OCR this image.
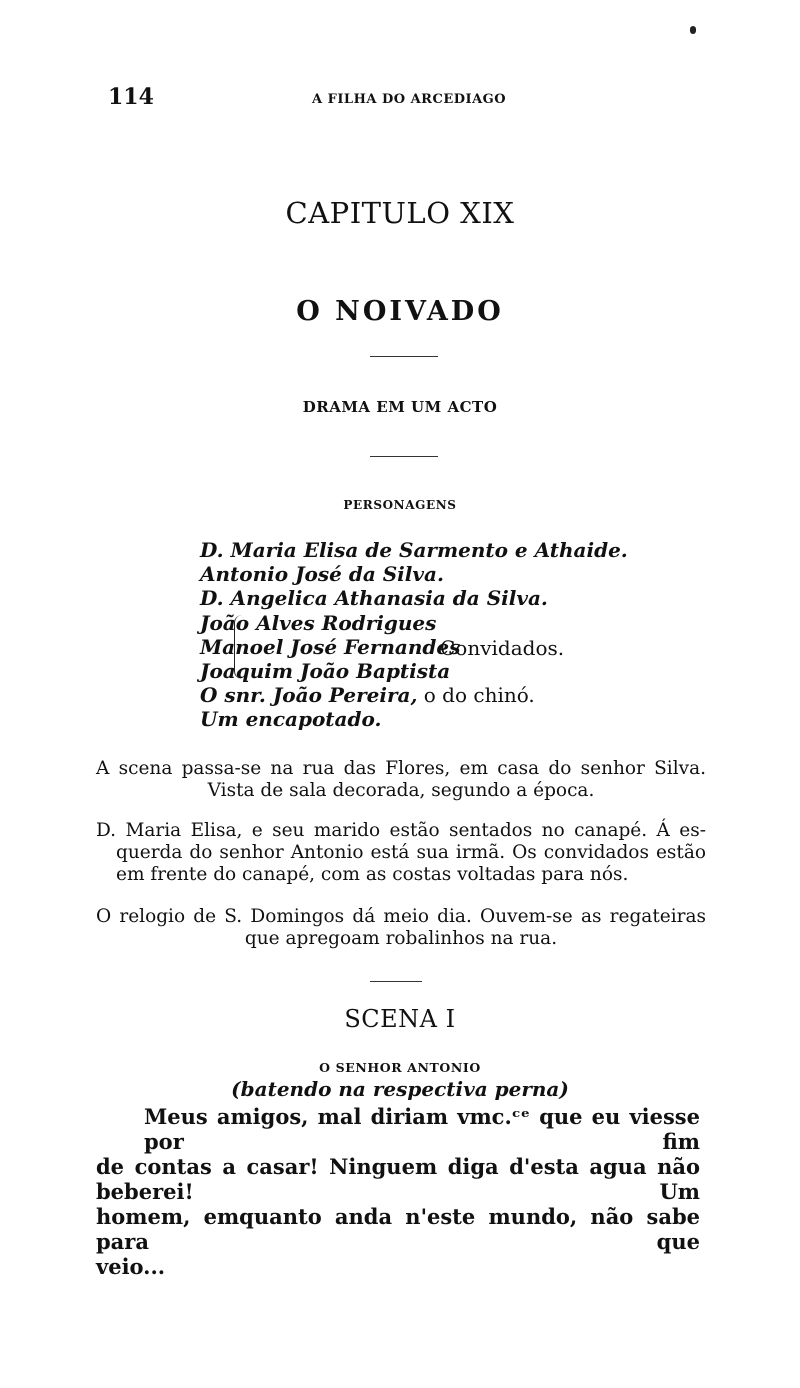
114	A FILHA DO ARCEDIAGO
CAPITULO XIX
O NOIVADO
DRAMA EM UM ACTO
PERSONAGENS
D. Maria Elisa de Sarmento e Athaide.
Antonio José da Silva.
D. Angelica Athanasia da Silva.
João Alves Rodrigues
Manoel José Fernandes
Joaquim João Baptista
O snr. João Pereira, o do chinó.
Um encapotado.
Convidados.
A scena passa-se na rua das Flores, em casa do senhor Silva.
Vista de sala decorada, segundo a época.
D. Maria Elisa, e seu marido estão sentados no canapé. Á es-
querda do senhor Antonio está sua irmã. Os convidados estão
em frente do canapé, com as costas voltadas para nós.
O relogio de S. Domingos dá meio dia. Ouvem-se as regateiras
que apregoam robalinhos na rua.
SCENA I
O SENHOR ANTONIO
(batendo na respectiva perna)
Meus amigos, mal diriam vmc.ᶜᵉ que eu viesse por fim
de contas a casar! Ninguem diga d'esta agua não beberei! Um
homem, emquanto anda n'este mundo, não sabe para que
veio...
